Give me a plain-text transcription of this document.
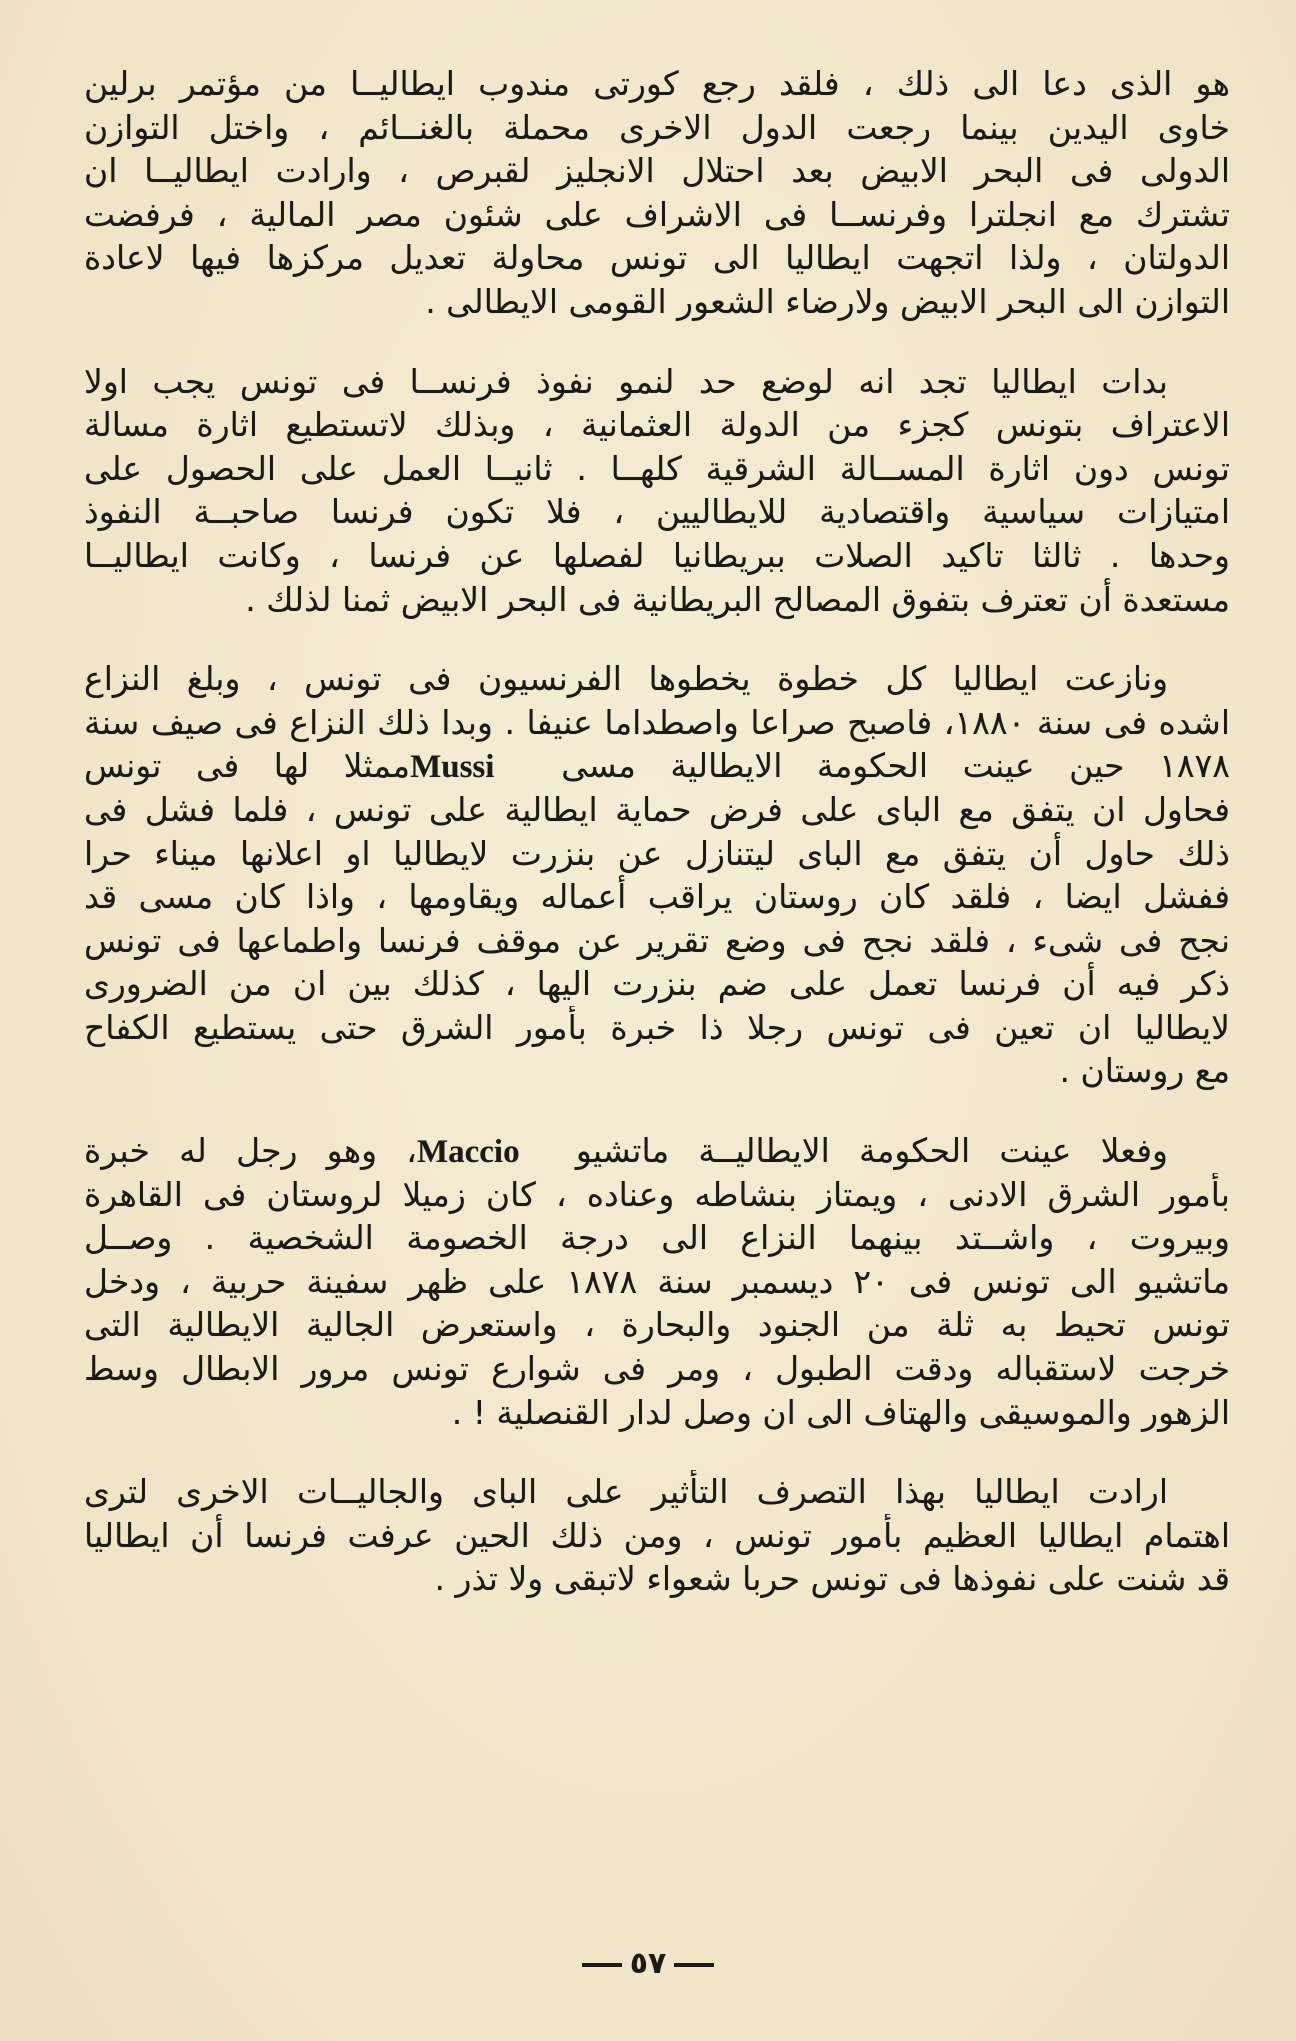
هو الذى دعا الى ذلك ، فلقد رجع كورتى مندوب ايطاليــا من مؤتمر برلين
خاوى اليدين بينما رجعت الدول الاخرى محملة بالغنــائم ، واختل التوازن
الدولى فى البحر الابيض بعد احتلال الانجليز لقبرص ، وارادت ايطاليــا ان
تشترك مع انجلترا وفرنســا فى الاشراف على شئون مصر المالية ، فرفضت
الدولتان ، ولذا اتجهت ايطاليا الى تونس محاولة تعديل مركزها فيها لاعادة
التوازن الى البحر الابيض ولارضاء الشعور القومى الايطالى .
بدات ايطاليا تجد انه لوضع حد لنمو نفوذ فرنســا فى تونس يجب اولا
الاعتراف بتونس كجزء من الدولة العثمانية ، وبذلك لاتستطيع اثارة مسالة
تونس دون اثارة المســالة الشرقية كلهــا . ثانيــا العمل على الحصول على
امتيازات سياسية واقتصادية للايطاليين ، فلا تكون فرنسا صاحبــة النفوذ
وحدها . ثالثا تاكيد الصلات ببريطانيا لفصلها عن فرنسا ، وكانت ايطاليــا
مستعدة أن تعترف بتفوق المصالح البريطانية فى البحر الابيض ثمنا لذلك .
ونازعت ايطاليا كل خطوة يخطوها الفرنسيون فى تونس ، وبلغ النزاع
اشده فى سنة ١٨٨٠، فاصبح صراعا واصطداما عنيفا . وبدا ذلك النزاع فى صيف سنة
١٨٧٨ حين عينت الحكومة الايطالية مسى Mussi ممثلا لها فى تونس
فحاول ان يتفق مع الباى على فرض حماية ايطالية على تونس ، فلما فشل فى
ذلك حاول أن يتفق مع الباى ليتنازل عن بنزرت لايطاليا او اعلانها ميناء حرا
ففشل ايضا ، فلقد كان روستان يراقب أعماله ويقاومها ، واذا كان مسى قد
نجح فى شىء ، فلقد نجح فى وضع تقرير عن موقف فرنسا واطماعها فى تونس
ذكر فيه أن فرنسا تعمل على ضم بنزرت اليها ، كذلك بين ان من الضرورى
لايطاليا ان تعين فى تونس رجلا ذا خبرة بأمور الشرق حتى يستطيع الكفاح
مع روستان .
وفعلا عينت الحكومة الايطاليــة ماتشيو Maccio ، وهو رجل له خبرة
بأمور الشرق الادنى ، ويمتاز بنشاطه وعناده ، كان زميلا لروستان فى القاهرة
وبيروت ، واشــتد بينهما النزاع الى درجة الخصومة الشخصية . وصــل
ماتشيو الى تونس فى ٢٠ ديسمبر سنة ١٨٧٨ على ظهر سفينة حربية ، ودخل
تونس تحيط به ثلة من الجنود والبحارة ، واستعرض الجالية الايطالية التى
خرجت لاستقباله ودقت الطبول ، ومر فى شوارع تونس مرور الابطال وسط
الزهور والموسيقى والهتاف الى ان وصل لدار القنصلية ! .
ارادت ايطاليا بهذا التصرف التأثير على الباى والجاليــات الاخرى لترى
اهتمام ايطاليا العظيم بأمور تونس ، ومن ذلك الحين عرفت فرنسا أن ايطاليا
قد شنت على نفوذها فى تونس حربا شعواء لاتبقى ولا تذر .
٥٧
